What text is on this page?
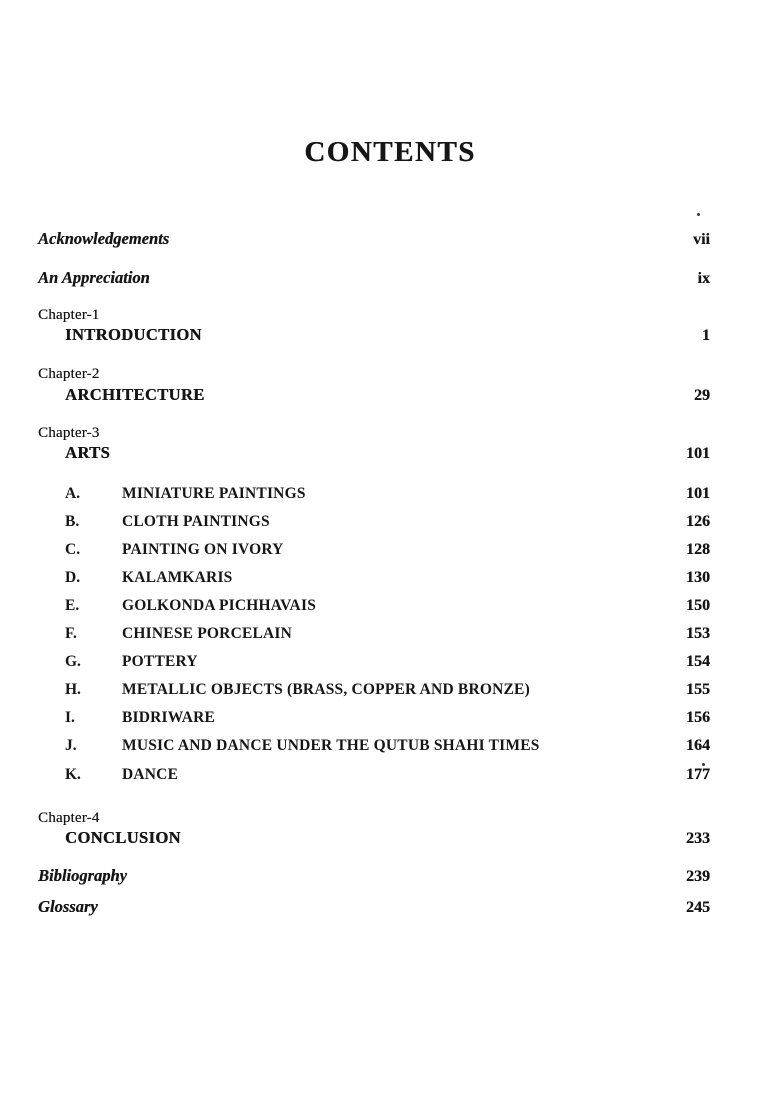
CONTENTS
Acknowledgements	vii
An Appreciation	ix
Chapter-1
INTRODUCTION	1
Chapter-2
ARCHITECTURE	29
Chapter-3
ARTS	101
A.	MINIATURE PAINTINGS	101
B.	CLOTH PAINTINGS	126
C.	PAINTING ON IVORY	128
D.	KALAMKARIS	130
E.	GOLKONDA PICHHAVAIS	150
F.	CHINESE PORCELAIN	153
G.	POTTERY	154
H.	METALLIC OBJECTS (BRASS, COPPER AND BRONZE)	155
I.	BIDRIWARE	156
J.	MUSIC AND DANCE UNDER THE QUTUB SHAHI TIMES	164
K.	DANCE	177
Chapter-4
CONCLUSION	233
Bibliography	239
Glossary	245
